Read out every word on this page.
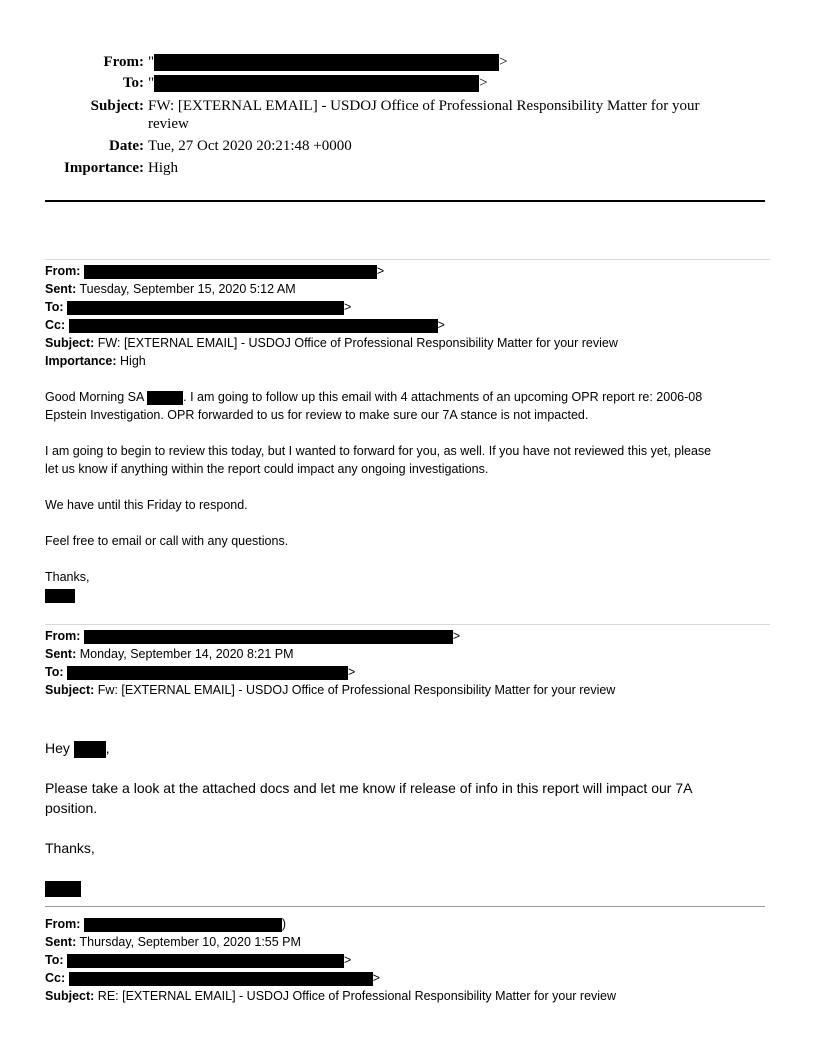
From: "	>
To: "	>
Subject: FW: [EXTERNAL EMAIL] - USDOJ Office of Professional Responsibility Matter for your
review
Date: Tue, 27 Oct 2020 20:21:48 +0000
Importance: High
From:	>
Sent: Tuesday, September 15, 2020 5:12 AM
To:	>
Cc:	>
Subject: FW: [EXTERNAL EMAIL] - USDOJ Office of Professional Responsibility Matter for your review
Importance: High
Good Morning SA	. I am going to follow up this email with 4 attachments of an upcoming OPR report re: 2006-08
Epstein Investigation. OPR forwarded to us for review to make sure our 7A stance is not impacted.
I am going to begin to review this today, but I wanted to forward for you, as well. If you have not reviewed this yet, please
let us know if anything within the report could impact any ongoing investigations.
We have until this Friday to respond.
Feel free to email or call with any questions.
Thanks,
From:	>
Sent: Monday, September 14, 2020 8:21 PM
To:	>
Subject: Fw: [EXTERNAL EMAIL] - USDOJ Office of Professional Responsibility Matter for your review
Hey	,
Please take a look at the attached docs and let me know if release of info in this report will impact our 7A
position.
Thanks,
From:	)
Sent: Thursday, September 10, 2020 1:55 PM
To:	>
Cc:	>
Subject: RE: [EXTERNAL EMAIL] - USDOJ Office of Professional Responsibility Matter for your review
